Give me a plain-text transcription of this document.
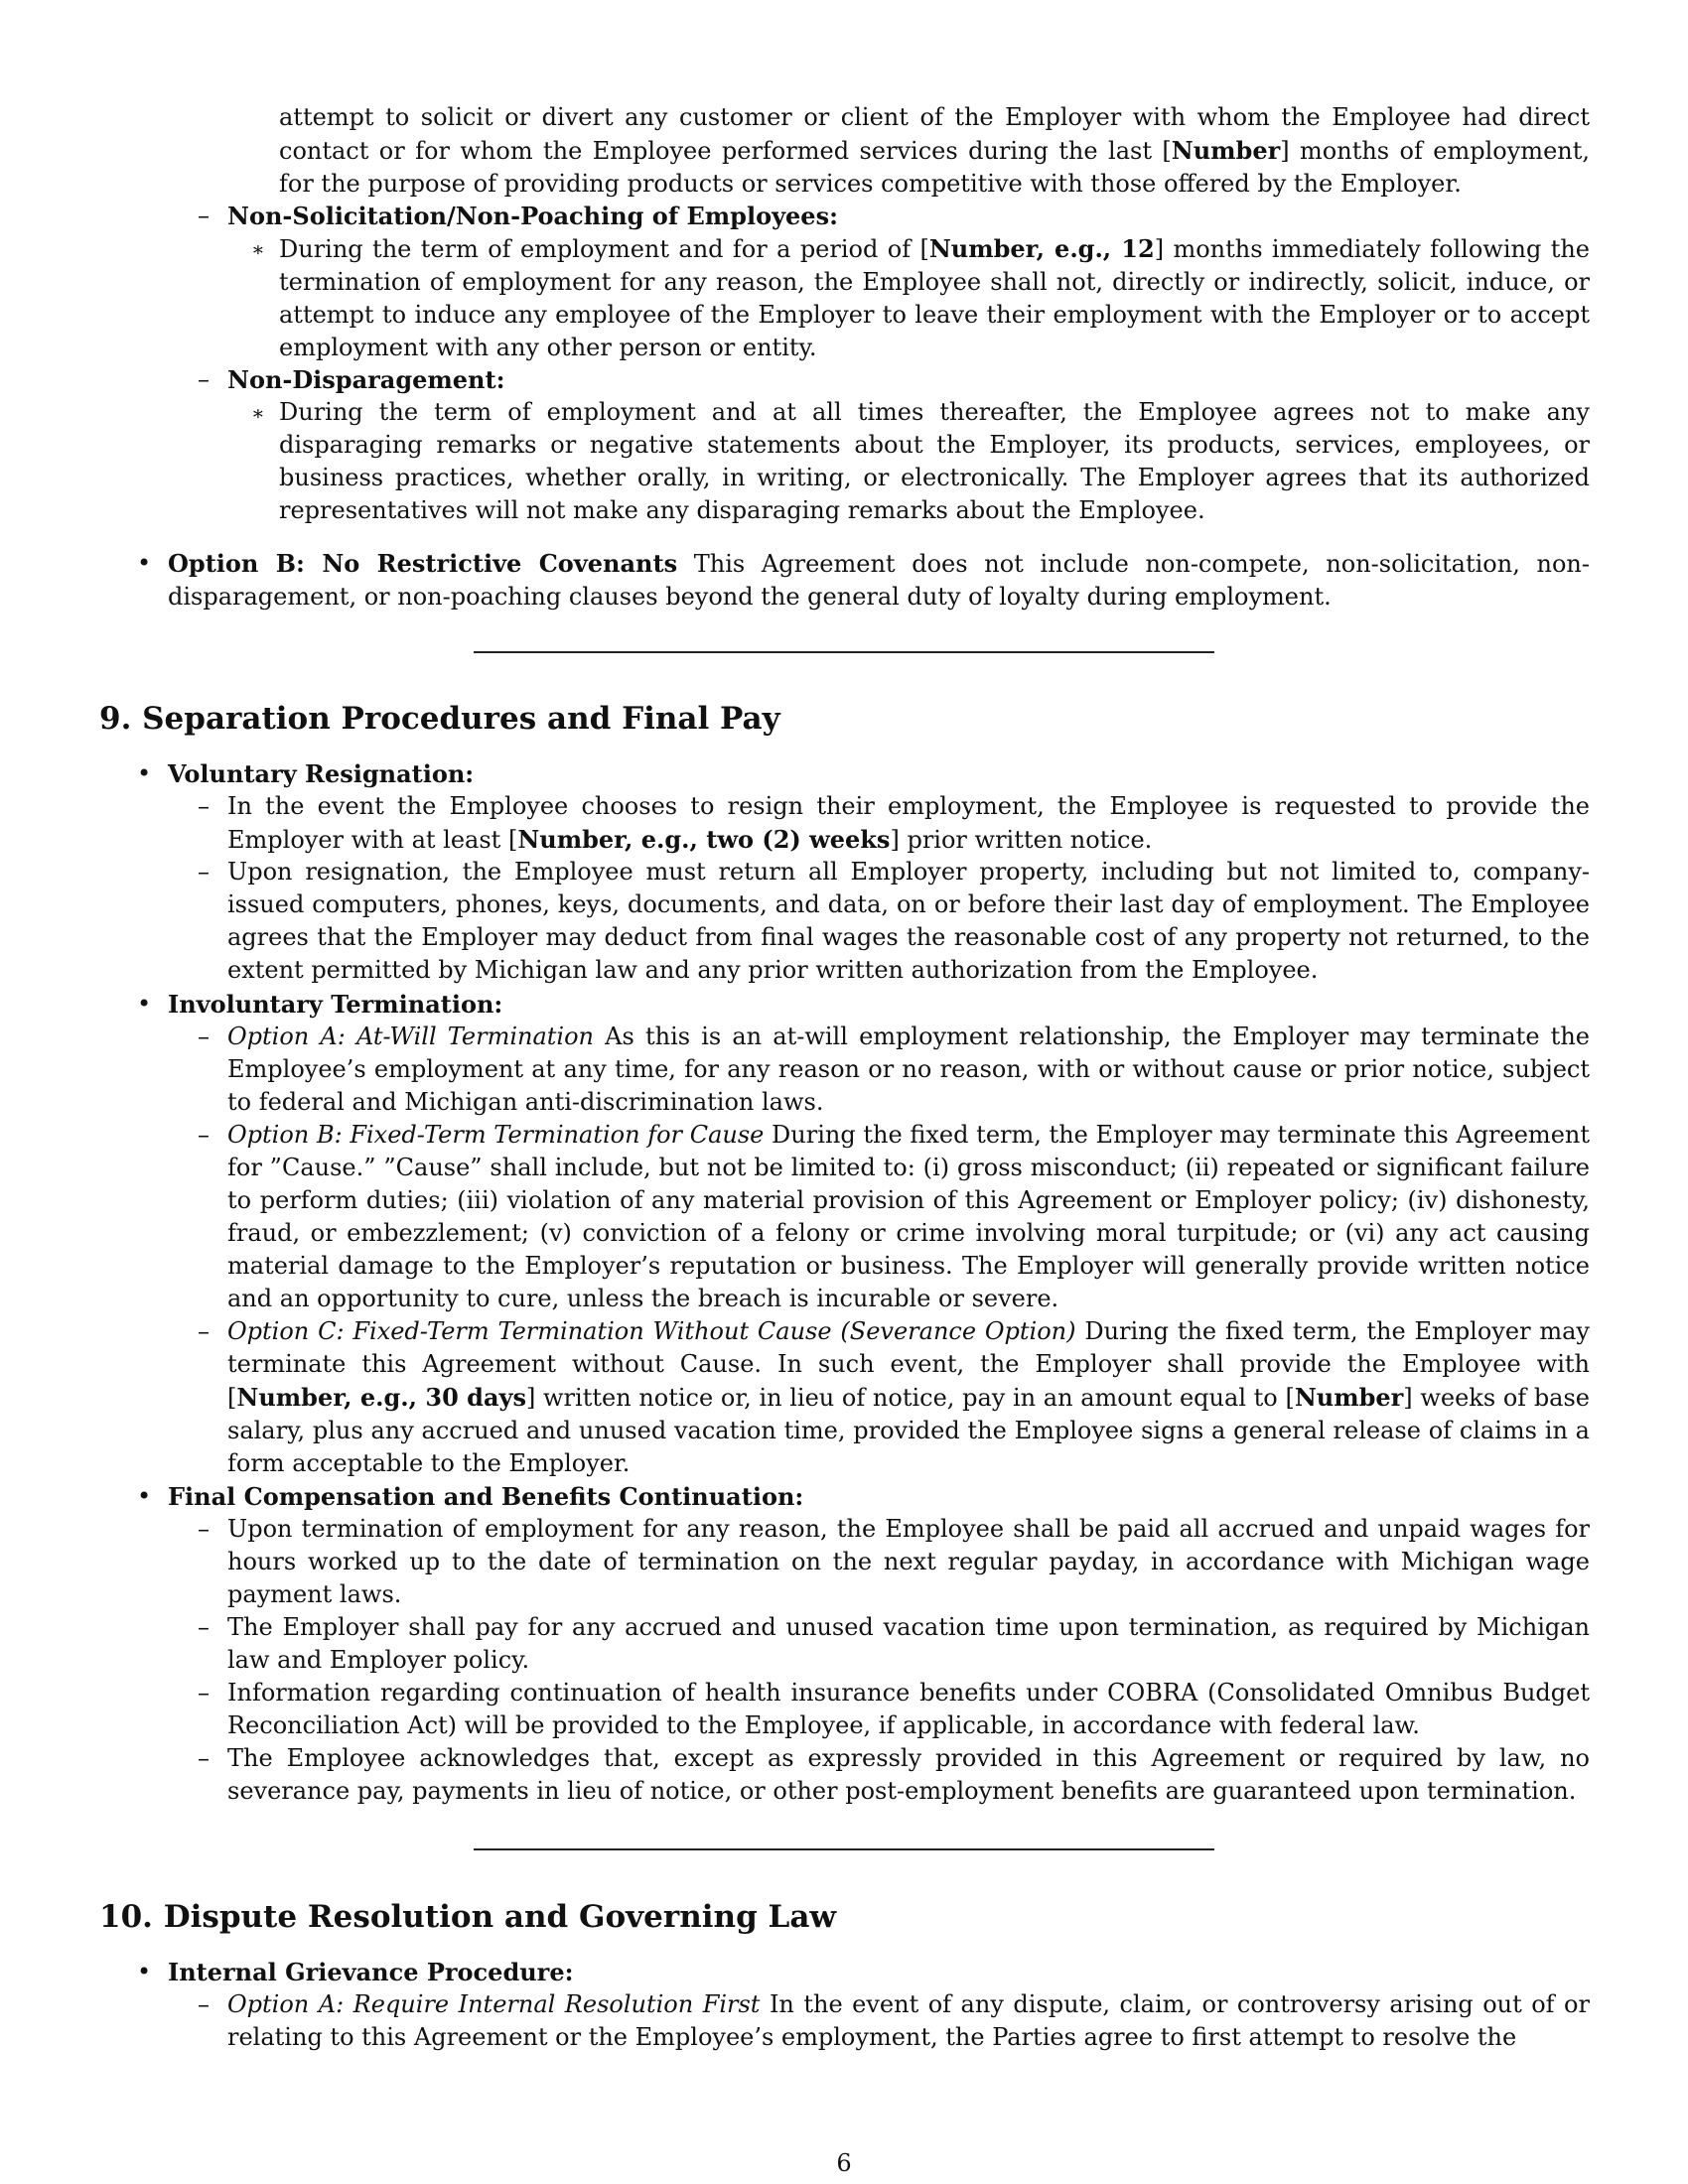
attempt to solicit or divert any customer or client of the Employer with whom the Employee had direct contact or for whom the Employee performed services during the last [Number] months of employment, for the purpose of providing products or services competitive with those offered by the Employer.

– Non-Solicitation/Non-Poaching of Employees:
∗ During the term of employment and for a period of [Number, e.g., 12] months immediately following the termination of employment for any reason, the Employee shall not, directly or indirectly, solicit, induce, or attempt to induce any employee of the Employer to leave their employment with the Employer or to accept employment with any other person or entity.

– Non-Disparagement:
∗ During the term of employment and at all times thereafter, the Employee agrees not to make any disparaging remarks or negative statements about the Employer, its products, services, employees, or business practices, whether orally, in writing, or electronically. The Employer agrees that its authorized representatives will not make any disparaging remarks about the Employee.

• Option B: No Restrictive Covenants This Agreement does not include non-compete, non-solicitation, non-disparagement, or non-poaching clauses beyond the general duty of loyalty during employment.

9. Separation Procedures and Final Pay
• Voluntary Resignation:
– In the event the Employee chooses to resign their employment, the Employee is requested to provide the Employer with at least [Number, e.g., two (2) weeks] prior written notice.

– Upon resignation, the Employee must return all Employer property, including but not limited to, company-issued computers, phones, keys, documents, and data, on or before their last day of employment. The Employee agrees that the Employer may deduct from final wages the reasonable cost of any property not returned, to the extent permitted by Michigan law and any prior written authorization from the Employee.

• Involuntary Termination:
– Option A: At-Will Termination As this is an at-will employment relationship, the Employer may terminate the Employee’s employment at any time, for any reason or no reason, with or without cause or prior notice, subject to federal and Michigan anti-discrimination laws.

– Option B: Fixed-Term Termination for Cause During the fixed term, the Employer may terminate this Agreement for ”Cause.” ”Cause” shall include, but not be limited to: (i) gross misconduct; (ii) repeated or significant failure to perform duties; (iii) violation of any material provision of this Agreement or Employer policy; (iv) dishonesty, fraud, or embezzlement; (v) conviction of a felony or crime involving moral turpitude; or (vi) any act causing material damage to the Employer’s reputation or business. The Employer will generally provide written notice and an opportunity to cure, unless the breach is incurable or severe.

– Option C: Fixed-Term Termination Without Cause (Severance Option) During the fixed term, the Employer may terminate this Agreement without Cause. In such event, the Employer shall provide the Employee with [Number, e.g., 30 days] written notice or, in lieu of notice, pay in an amount equal to [Number] weeks of base salary, plus any accrued and unused vacation time, provided the Employee signs a general release of claims in a form acceptable to the Employer.

• Final Compensation and Benefits Continuation:
– Upon termination of employment for any reason, the Employee shall be paid all accrued and unpaid wages for hours worked up to the date of termination on the next regular payday, in accordance with Michigan wage payment laws.

– The Employer shall pay for any accrued and unused vacation time upon termination, as required by Michigan law and Employer policy.

– Information regarding continuation of health insurance benefits under COBRA (Consolidated Omnibus Budget Reconciliation Act) will be provided to the Employee, if applicable, in accordance with federal law.

– The Employee acknowledges that, except as expressly provided in this Agreement or required by law, no severance pay, payments in lieu of notice, or other post-employment benefits are guaranteed upon termination.

10. Dispute Resolution and Governing Law
• Internal Grievance Procedure:
– Option A: Require Internal Resolution First In the event of any dispute, claim, or controversy arising out of or relating to this Agreement or the Employee’s employment, the Parties agree to first attempt to resolve the

6
